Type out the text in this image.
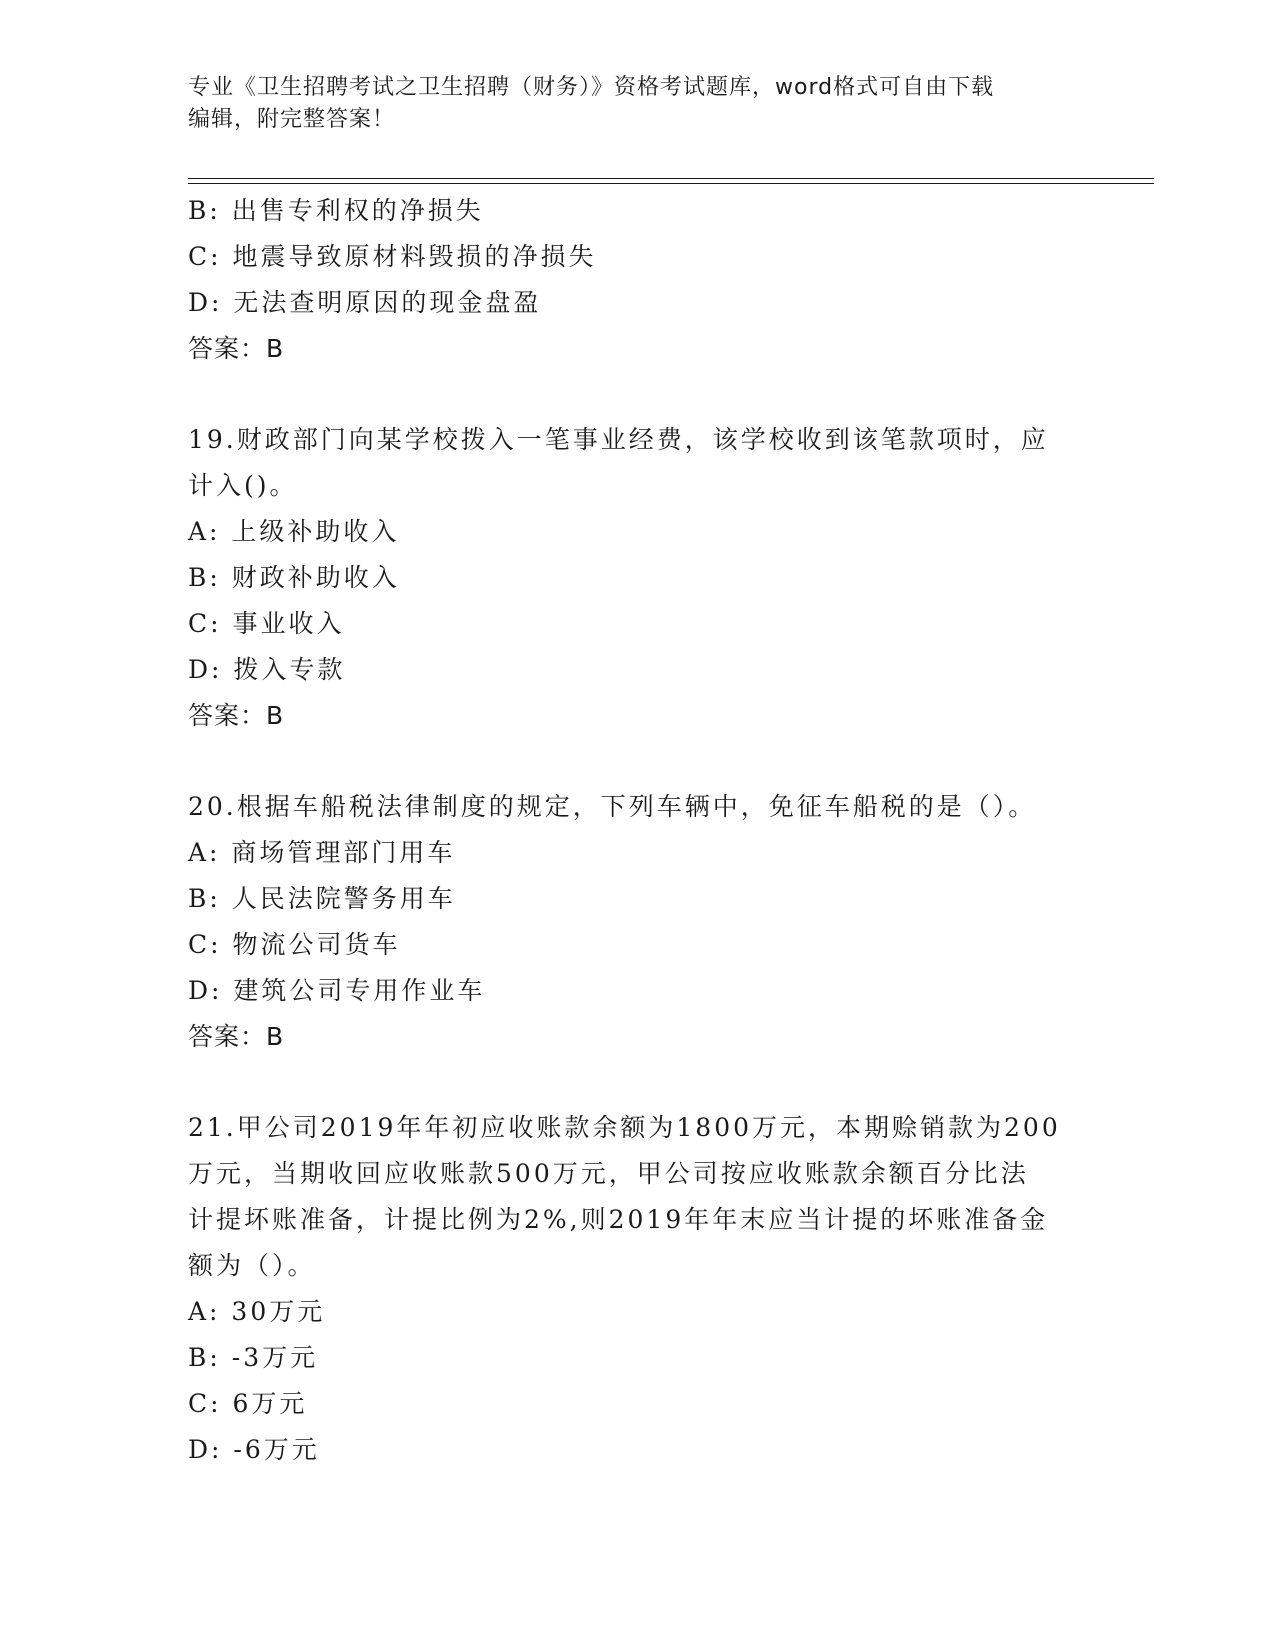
专业《卫生招聘考试之卫生招聘（财务）》资格考试题库，word格式可自由下载
编辑，附完整答案！
B: 出售专利权的净损失
C: 地震导致原材料毁损的净损失
D: 无法查明原因的现金盘盈
答案：B
19.财政部门向某学校拨入一笔事业经费，该学校收到该笔款项时，应
计入()。
A: 上级补助收入
B: 财政补助收入
C: 事业收入
D: 拨入专款
答案：B
20.根据车船税法律制度的规定，下列车辆中，免征车船税的是（）。
A: 商场管理部门用车
B: 人民法院警务用车
C: 物流公司货车
D: 建筑公司专用作业车
答案：B
21.甲公司2019年年初应收账款余额为1800万元，本期赊销款为200
万元，当期收回应收账款500万元，甲公司按应收账款余额百分比法
计提坏账准备，计提比例为2%,则2019年年末应当计提的坏账准备金
额为（）。
A: 30万元
B: -3万元
C: 6万元
D: -6万元
